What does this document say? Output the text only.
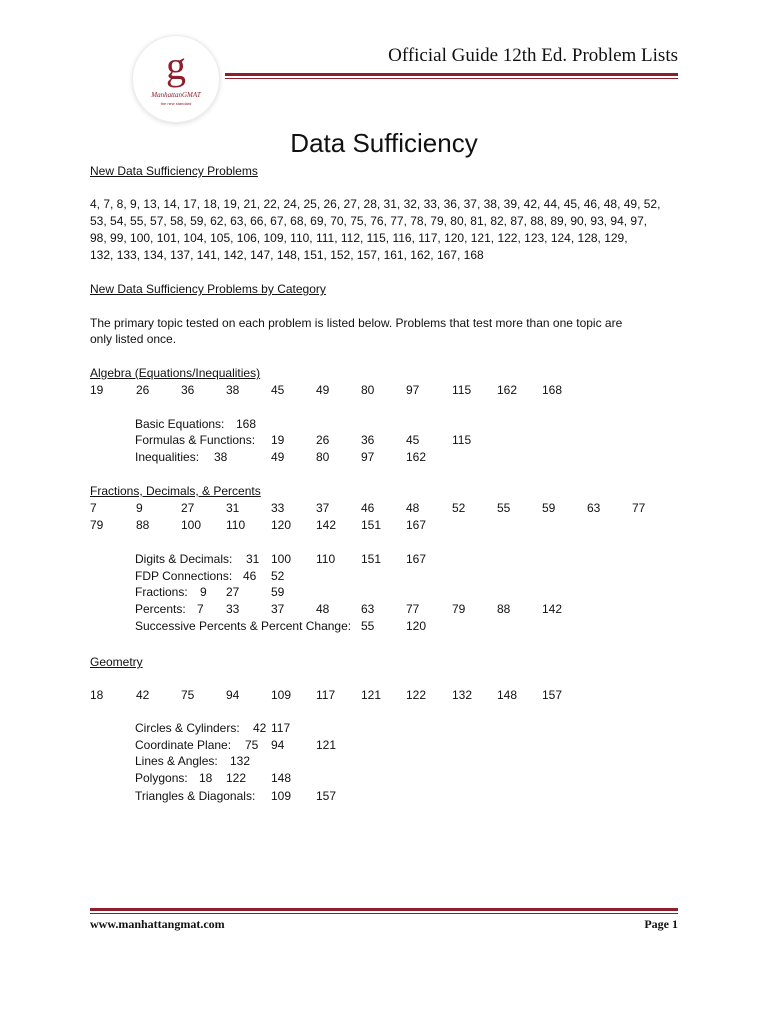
g
ManhattanGMAT
the new standard
Official Guide 12th Ed. Problem Lists
Data Sufficiency
New Data Sufficiency Problems
4, 7, 8, 9, 13, 14, 17, 18, 19, 21, 22, 24, 25, 26, 27, 28, 31, 32, 33, 36, 37, 38, 39, 42, 44, 45, 46, 48, 49, 52,
53, 54, 55, 57, 58, 59, 62, 63, 66, 67, 68, 69, 70, 75, 76, 77, 78, 79, 80, 81, 82, 87, 88, 89, 90, 93, 94, 97,
98, 99, 100, 101, 104, 105, 106, 109, 110, 111, 112, 115, 116, 117, 120, 121, 122, 123, 124, 128, 129,
132, 133, 134, 137, 141, 142, 147, 148, 151, 152, 157, 161, 162, 167, 168
New Data Sufficiency Problems by Category
The primary topic tested on each problem is listed below. Problems that test more than one topic are
only listed once.
Algebra (Equations/Inequalities)
19	26	36	38	45	49	80	97	115 162 168
Basic Equations: 168
Formulas & Functions: 19	26	36	45	115
Inequalities: 38	49	80	97	162
Fractions, Decimals, & Percents
7	9	27	31	33	37	46	48	52	55	59	63	77
79	88	100 110 120 142 151 167
Digits & Decimals: 31 100 110 151 167
FDP Connections: 46 52
Fractions: 9 27	59
Percents: 7 33	37	48	63	77	79	88	142
Successive Percents & Percent Change: 55	120
Geometry
18	42	75	94	109 117 121 122 132 148 157
Circles & Cylinders: 42 117
Coordinate Plane: 75 94	121
Lines & Angles: 132
Polygons: 18 122 148
Triangles & Diagonals: 109 157
www.manhattangmat.com	Page 1
